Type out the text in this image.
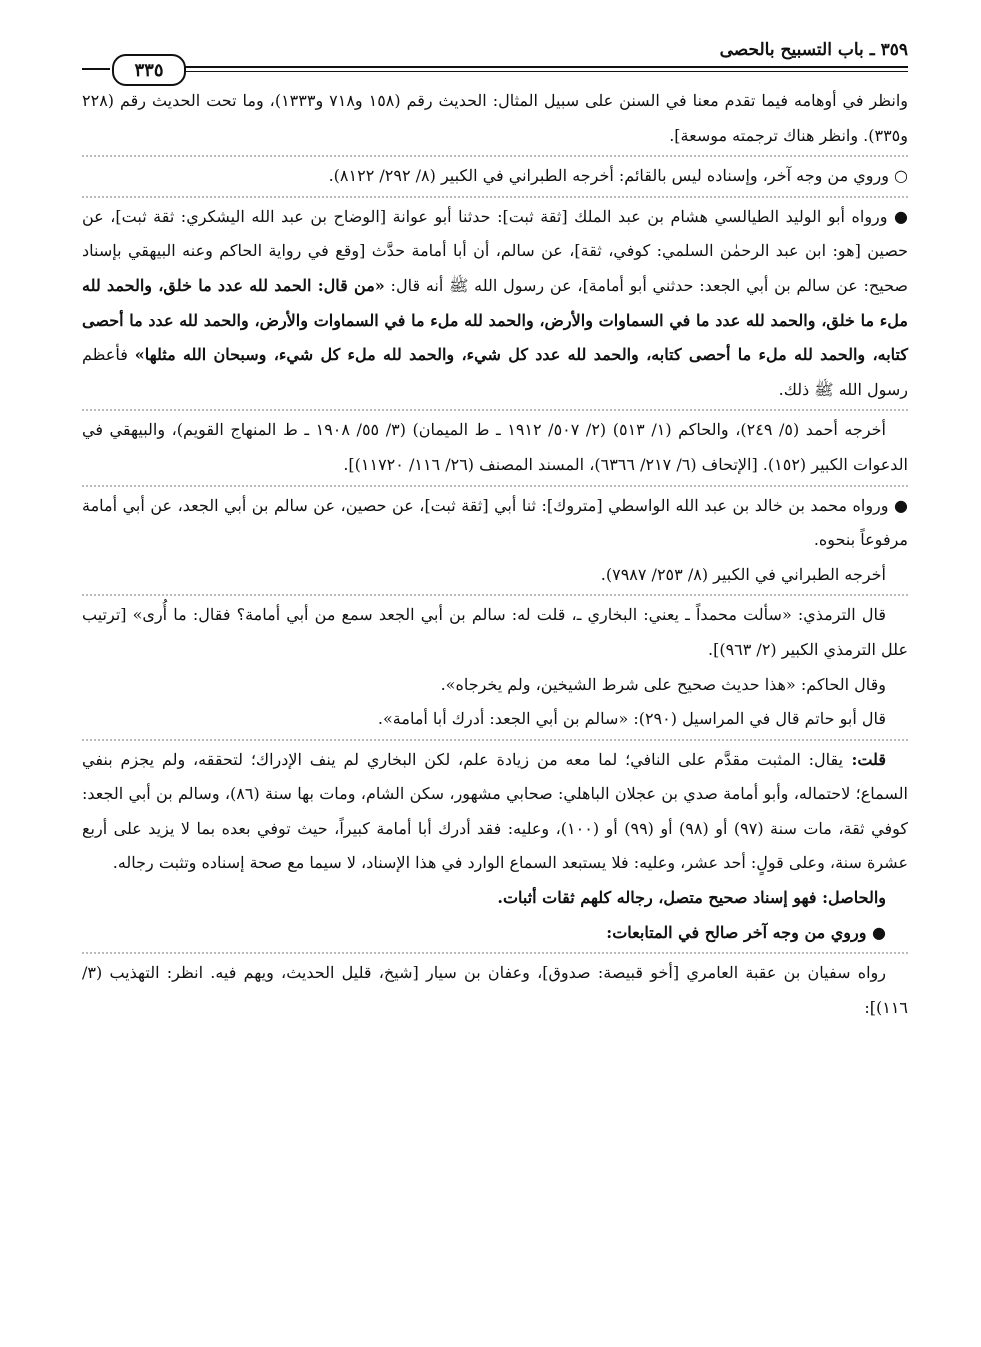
٣٥٩ ـ باب التسبيح بالحصى
٣٣٥

وانظر في أوهامه فيما تقدم معنا في السنن على سبيل المثال: الحديث رقم (١٥٨ و٧١٨ و١٣٣٣)، وما تحت الحديث رقم (٢٢٨ و٣٣٥). وانظر هناك ترجمته موسعة].

○ وروي من وجه آخر، وإسناده ليس بالقائم: أخرجه الطبراني في الكبير (٨/ ٢٩٢/ ٨١٢٢).

● ورواه أبو الوليد الطيالسي هشام بن عبد الملك [ثقة ثبت]: حدثنا أبو عوانة [الوضاح بن عبد الله اليشكري: ثقة ثبت]، عن حصين [هو: ابن عبد الرحمٰن السلمي: كوفي، ثقة]، عن سالم، أن أبا أمامة حدَّث [وقع في رواية الحاكم وعنه البيهقي بإسناد صحيح: عن سالم بن أبي الجعد: حدثني أبو أمامة]، عن رسول الله ﷺ أنه قال: «من قال: الحمد لله عدد ما خلق، والحمد لله ملء ما خلق، والحمد لله عدد ما في السماوات والأرض، والحمد لله ملء ما في السماوات والأرض، والحمد لله عدد ما أحصى كتابه، والحمد لله ملء ما أحصى كتابه، والحمد لله عدد كل شيء، والحمد لله ملء كل شيء، وسبحان الله مثلها» فأعظم رسول الله ﷺ ذلك.

أخرجه أحمد (٥/ ٢٤٩)، والحاكم (١/ ٥١٣) (٢/ ٥٠٧/ ١٩١٢ ـ ط الميمان) (٣/ ٥٥/ ١٩٠٨ ـ ط المنهاج القويم)، والبيهقي في الدعوات الكبير (١٥٢). [الإتحاف (٦/ ٢١٧/ ٦٣٦٦)، المسند المصنف (٢٦/ ١١٦/ ١١٧٢٠)].

● ورواه محمد بن خالد بن عبد الله الواسطي [متروك]: ثنا أبي [ثقة ثبت]، عن حصين، عن سالم بن أبي الجعد، عن أبي أمامة مرفوعاً بنحوه.

أخرجه الطبراني في الكبير (٨/ ٢٥٣/ ٧٩٨٧).

قال الترمذي: «سألت محمداً ـ يعني: البخاري ـ، قلت له: سالم بن أبي الجعد سمع من أبي أمامة؟ فقال: ما أُرى» [ترتيب علل الترمذي الكبير (٢/ ٩٦٣)].

وقال الحاكم: «هذا حديث صحيح على شرط الشيخين، ولم يخرجاه».

قال أبو حاتم قال في المراسيل (٢٩٠): «سالم بن أبي الجعد: أدرك أبا أمامة».

قلت: يقال: المثبت مقدَّم على النافي؛ لما معه من زيادة علم، لكن البخاري لم ينف الإدراك؛ لتحققه، ولم يجزم بنفي السماع؛ لاحتماله، وأبو أمامة صدي بن عجلان الباهلي: صحابي مشهور، سكن الشام، ومات بها سنة (٨٦)، وسالم بن أبي الجعد: كوفي ثقة، مات سنة (٩٧) أو (٩٨) أو (٩٩) أو (١٠٠)، وعليه: فقد أدرك أبا أمامة كبيراً، حيث توفي بعده بما لا يزيد على أربع عشرة سنة، وعلى قولٍ: أحد عشر، وعليه: فلا يستبعد السماع الوارد في هذا الإسناد، لا سيما مع صحة إسناده وتثبت رجاله.

والحاصل: فهو إسناد صحيح متصل، رجاله كلهم ثقات أثبات.

● وروي من وجه آخر صالح في المتابعات:

رواه سفيان بن عقبة العامري [أخو قبيصة: صدوق]، وعفان بن سيار [شيخ، قليل الحديث، ويهم فيه. انظر: التهذيب (٣/ ١١٦)]:
